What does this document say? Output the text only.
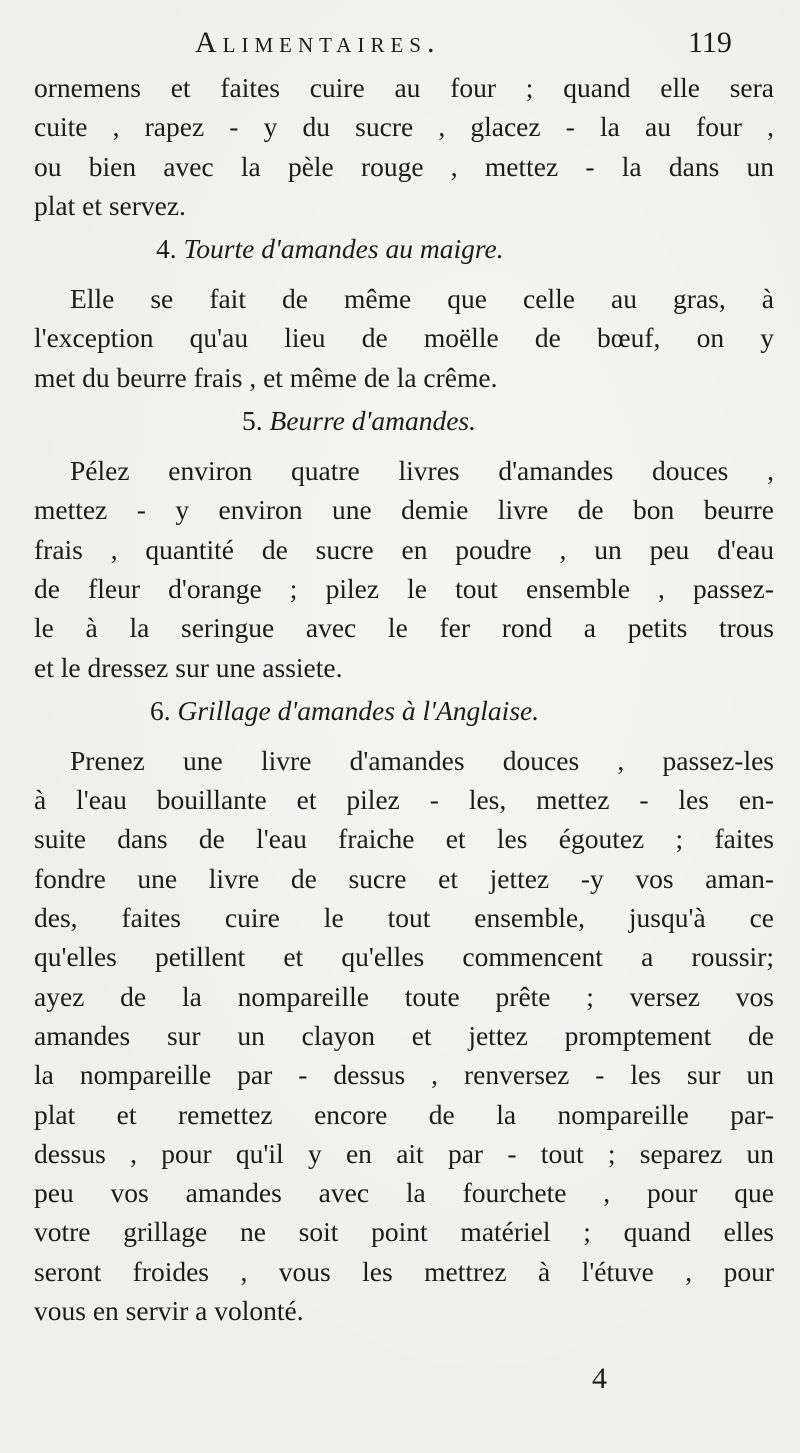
Alimentaires.	119
ornemens et faites cuire au four ; quand elle sera
cuite , rapez - y du sucre , glacez - la au four ,
ou bien avec la pèle rouge , mettez - la dans un
plat et servez.
4. Tourte d'amandes au maigre.
Elle se fait de même que celle au gras, à
l'exception qu'au lieu de moëlle de bœuf, on y
met du beurre frais , et même de la crême.
5. Beurre d'amandes.
Pélez environ quatre livres d'amandes douces ,
mettez - y environ une demie livre de bon beurre
frais , quantité de sucre en poudre , un peu d'eau
de fleur d'orange ; pilez le tout ensemble , passez-
le à la seringue avec le fer rond a petits trous
et le dressez sur une assiete.
6. Grillage d'amandes à l'Anglaise.
Prenez une livre d'amandes douces , passez-les
à l'eau bouillante et pilez - les, mettez - les en-
suite dans de l'eau fraiche et les égoutez ; faites
fondre une livre de sucre et jettez -y vos aman-
des, faites cuire le tout ensemble, jusqu'à ce
qu'elles petillent et qu'elles commencent a roussir;
ayez de la nompareille toute prête ; versez vos
amandes sur un clayon et jettez promptement de
la nompareille par - dessus , renversez - les sur un
plat et remettez encore de la nompareille par-
dessus , pour qu'il y en ait par - tout ; separez un
peu vos amandes avec la fourchete , pour que
votre grillage ne soit point matériel ; quand elles
seront froides , vous les mettrez à l'étuve , pour
vous en servir a volonté.
4
